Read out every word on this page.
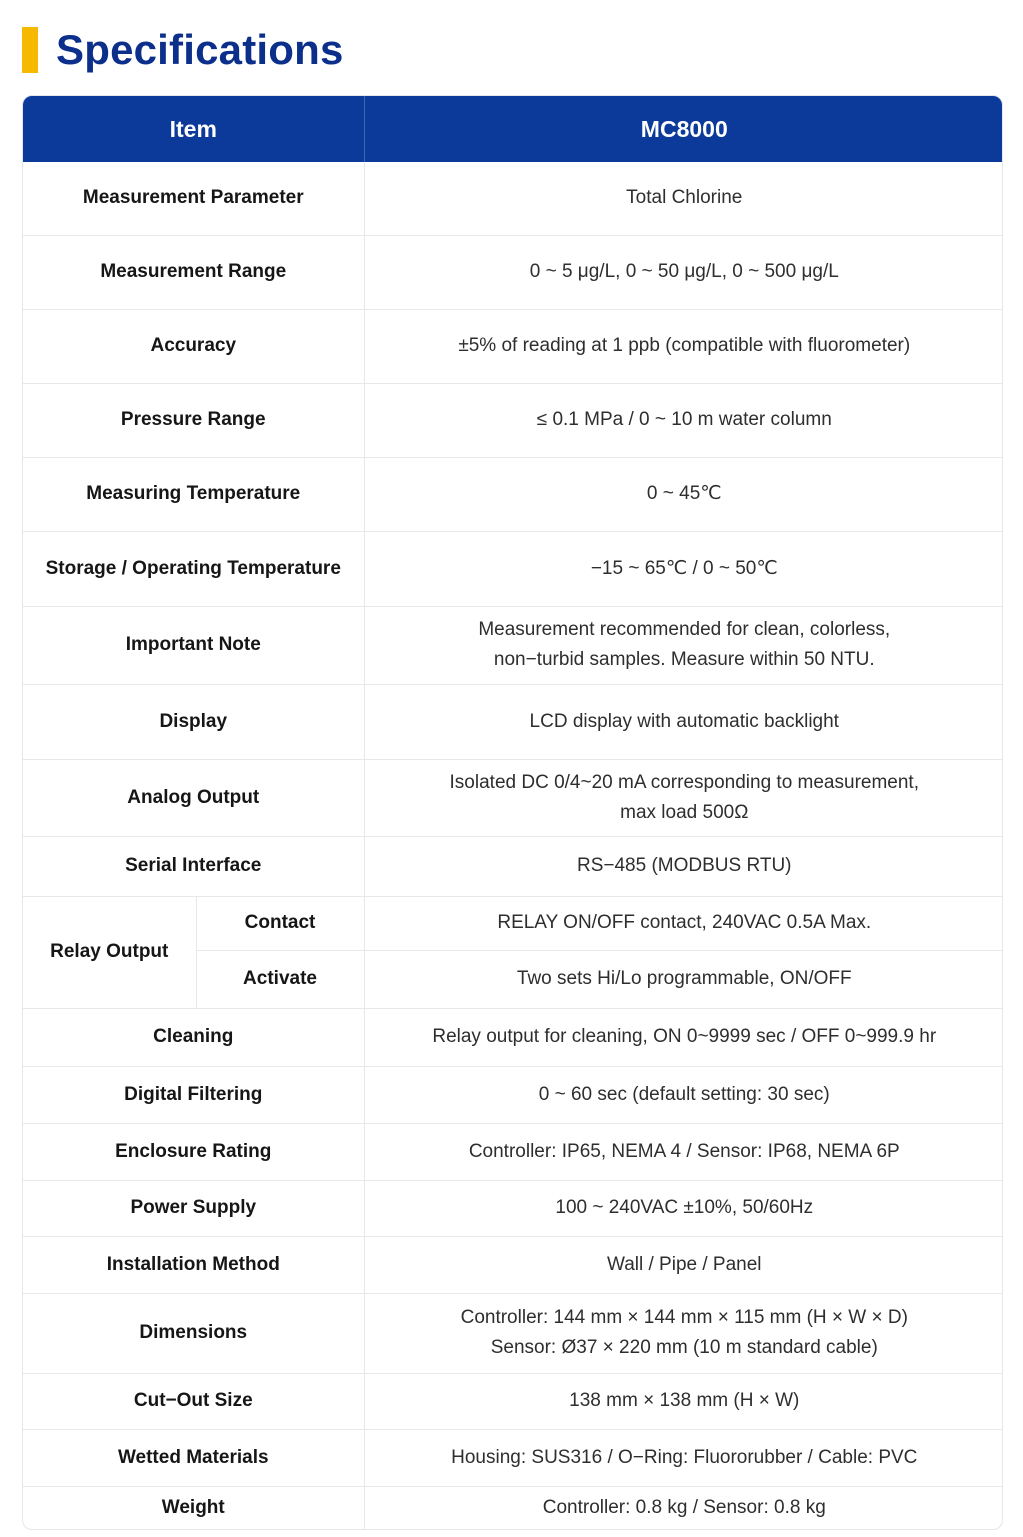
Specifications
Item		MC8000
Measurement Parameter		Total Chlorine
Measurement Range		0 ~ 5 μg/L, 0 ~ 50 μg/L, 0 ~ 500 μg/L
Accuracy		±5% of reading at 1 ppb (compatible with fluorometer)
Pressure Range		≤ 0.1 MPa / 0 ~ 10 m water column
Measuring Temperature		0 ~ 45℃
Storage / Operating Temperature		−15 ~ 65℃ / 0 ~ 50℃
Important Note		Measurement recommended for clean, colorless,
non−turbid samples. Measure within 50 NTU.
Display		LCD display with automatic backlight
Analog Output		Isolated DC 0/4~20 mA corresponding to measurement,
max load 500Ω
Serial Interface		RS−485 (MODBUS RTU)
Relay Output	Contact	RELAY ON/OFF contact, 240VAC 0.5A Max.
	Activate	Two sets Hi/Lo programmable, ON/OFF
Cleaning		Relay output for cleaning, ON 0~9999 sec / OFF 0~999.9 hr
Digital Filtering		0 ~ 60 sec (default setting: 30 sec)
Enclosure Rating		Controller: IP65, NEMA 4 / Sensor: IP68, NEMA 6P
Power Supply		100 ~ 240VAC ±10%, 50/60Hz
Installation Method		Wall / Pipe / Panel
Dimensions		Controller: 144 mm × 144 mm × 115 mm (H × W × D)
Sensor: Ø37 × 220 mm (10 m standard cable)
Cut−Out Size		138 mm × 138 mm (H × W)
Wetted Materials		Housing: SUS316 / O−Ring: Fluororubber / Cable: PVC
Weight		Controller: 0.8 kg / Sensor: 0.8 kg
